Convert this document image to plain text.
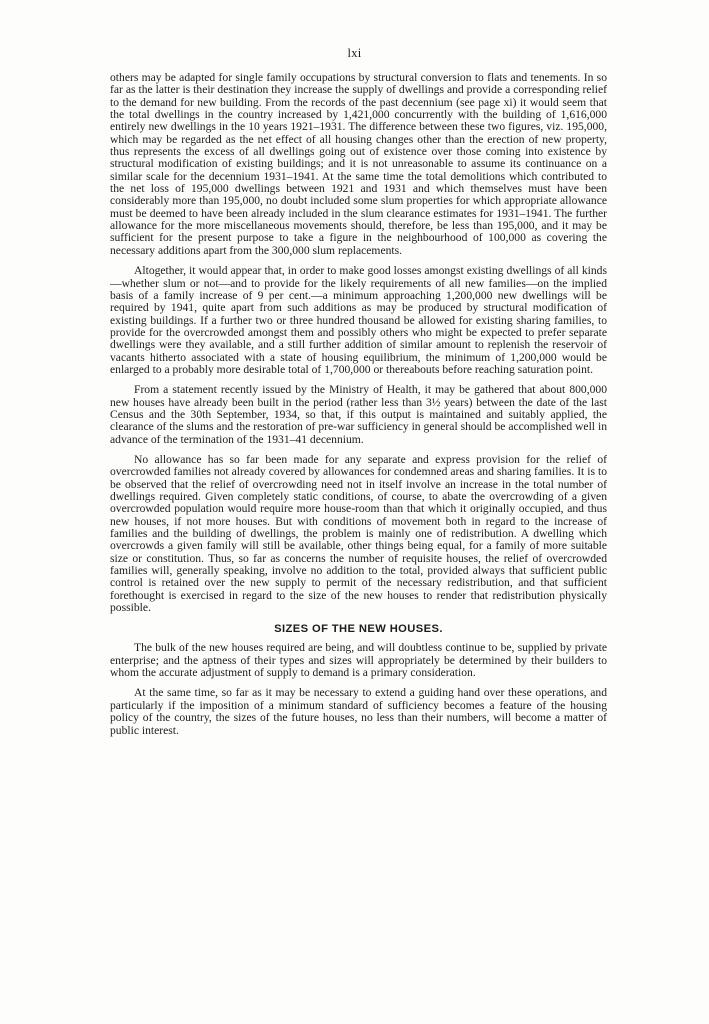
lxi

others may be adapted for single family occupations by structural conversion to flats and tenements. In so far as the latter is their destination they increase the supply of dwellings and provide a corresponding relief to the demand for new building. From the records of the past decennium (see page xi) it would seem that the total dwellings in the country increased by 1,421,000 concurrently with the building of 1,616,000 entirely new dwellings in the 10 years 1921–1931. The difference between these two figures, viz. 195,000, which may be regarded as the net effect of all housing changes other than the erection of new property, thus represents the excess of all dwellings going out of existence over those coming into existence by structural modification of existing buildings; and it is not unreasonable to assume its continuance on a similar scale for the decennium 1931–1941. At the same time the total demolitions which contributed to the net loss of 195,000 dwellings between 1921 and 1931 and which themselves must have been considerably more than 195,000, no doubt included some slum properties for which appropriate allowance must be deemed to have been already included in the slum clearance estimates for 1931–1941. The further allowance for the more miscellaneous movements should, therefore, be less than 195,000, and it may be sufficient for the present purpose to take a figure in the neighbourhood of 100,000 as covering the necessary additions apart from the 300,000 slum replacements.

Altogether, it would appear that, in order to make good losses amongst existing dwellings of all kinds—whether slum or not—and to provide for the likely requirements of all new families—on the implied basis of a family increase of 9 per cent.—a minimum approaching 1,200,000 new dwellings will be required by 1941, quite apart from such additions as may be produced by structural modification of existing buildings. If a further two or three hundred thousand be allowed for existing sharing families, to provide for the overcrowded amongst them and possibly others who might be expected to prefer separate dwellings were they available, and a still further addition of similar amount to replenish the reservoir of vacants hitherto associated with a state of housing equilibrium, the minimum of 1,200,000 would be enlarged to a probably more desirable total of 1,700,000 or thereabouts before reaching saturation point.

From a statement recently issued by the Ministry of Health, it may be gathered that about 800,000 new houses have already been built in the period (rather less than 3½ years) between the date of the last Census and the 30th September, 1934, so that, if this output is maintained and suitably applied, the clearance of the slums and the restoration of pre-war sufficiency in general should be accomplished well in advance of the termination of the 1931–41 decennium.

No allowance has so far been made for any separate and express provision for the relief of overcrowded families not already covered by allowances for condemned areas and sharing families. It is to be observed that the relief of overcrowding need not in itself involve an increase in the total number of dwellings required. Given completely static conditions, of course, to abate the overcrowding of a given overcrowded population would require more house-room than that which it originally occupied, and thus new houses, if not more houses. But with conditions of movement both in regard to the increase of families and the building of dwellings, the problem is mainly one of redistribution. A dwelling which overcrowds a given family will still be available, other things being equal, for a family of more suitable size or constitution. Thus, so far as concerns the number of requisite houses, the relief of overcrowded families will, generally speaking, involve no addition to the total, provided always that sufficient public control is retained over the new supply to permit of the necessary redistribution, and that sufficient forethought is exercised in regard to the size of the new houses to render that redistribution physically possible.

SIZES OF THE NEW HOUSES.

The bulk of the new houses required are being, and will doubtless continue to be, supplied by private enterprise; and the aptness of their types and sizes will appropriately be determined by their builders to whom the accurate adjustment of supply to demand is a primary consideration.

At the same time, so far as it may be necessary to extend a guiding hand over these operations, and particularly if the imposition of a minimum standard of sufficiency becomes a feature of the housing policy of the country, the sizes of the future houses, no less than their numbers, will become a matter of public interest.
